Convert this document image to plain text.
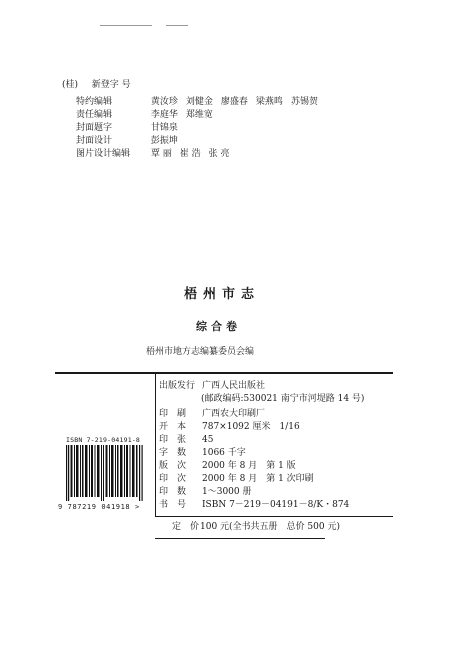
(桂) 新登字 号
特约编辑	黄汝珍 刘健金 廖盛春 梁燕鸣 苏锡贺
责任编辑	李庭华 郑维宽
封面题字	甘锦泉
封面设计	彭振坤
图片设计编辑 覃 丽 崔 浩 张 亮
梧州市志
综合卷
梧州市地方志编纂委员会编
出版发行 广西人民出版社
(邮政编码:530021 南宁市河堤路 14 号)
印　刷 广西农大印刷厂
开　本 787×1092 厘米　1/16
印　张 45
字　数 1066 千字
版　次 2000 年 8 月　第 1 版
印　次 2000 年 8 月　第 1 次印刷
印　数 1～3000 册
书　号 ISBN 7－219－04191－8/K・874
定　价100 元(全书共五册　总价 500 元)
ISBN 7-219-04191-8
9 787219 041918 >
